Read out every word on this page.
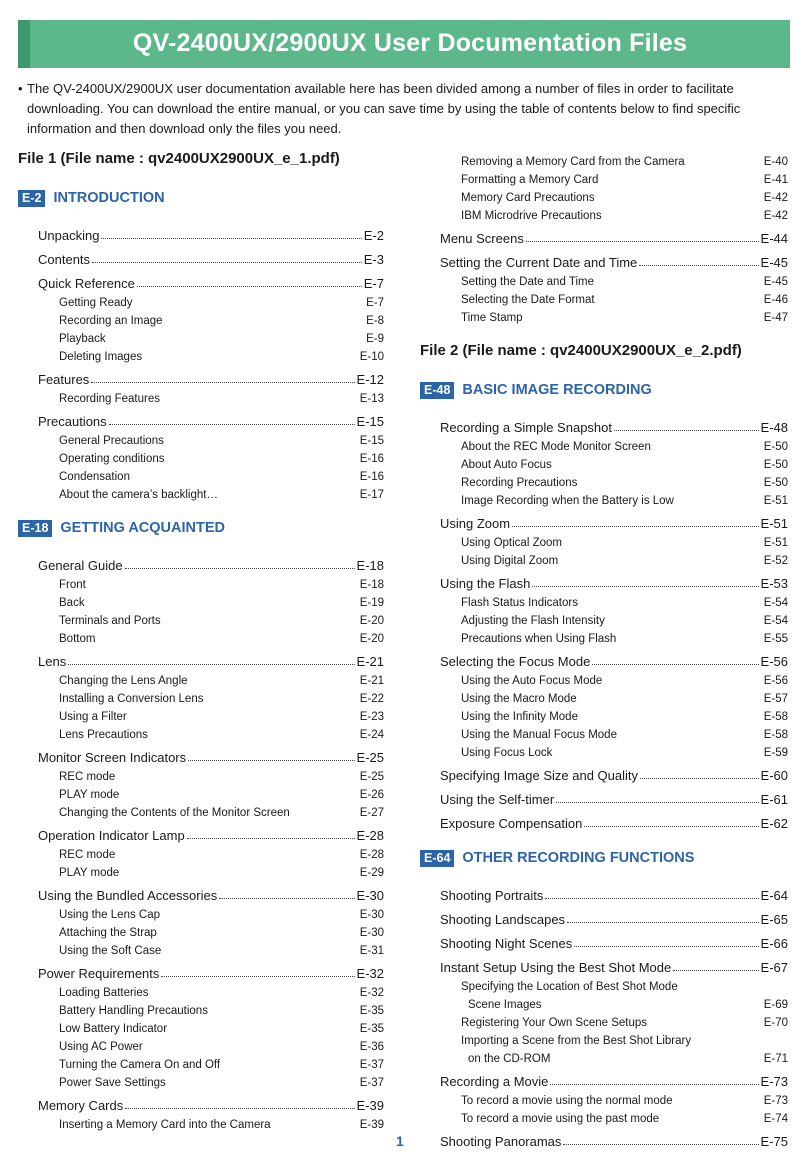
QV-2400UX/2900UX User Documentation Files
• The QV-2400UX/2900UX user documentation available here has been divided among a number of files in order to facilitate downloading. You can download the entire manual, or you can save time by using the table of contents below to find specific information and then download only the files you need.

File 1 (File name : qv2400UX2900UX_e_1.pdf)
E-2 INTRODUCTION
Unpacking	E-2
Contents	E-3
Quick Reference	E-7
Getting Ready	E-7
Recording an Image	E-8
Playback	E-9
Deleting Images	E-10
Features	E-12
Recording Features	E-13
Precautions	E-15
General Precautions	E-15
Operating conditions	E-16
Condensation	E-16
About the camera’s backlight…	E-17
E-18 GETTING ACQUAINTED
General Guide	E-18
Front	E-18
Back	E-19
Terminals and Ports	E-20
Bottom	E-20
Lens	E-21
Changing the Lens Angle	E-21
Installing a Conversion Lens	E-22
Using a Filter	E-23
Lens Precautions	E-24
Monitor Screen Indicators	E-25
REC mode	E-25
PLAY mode	E-26
Changing the Contents of the Monitor Screen	E-27
Operation Indicator Lamp	E-28
REC mode	E-28
PLAY mode	E-29
Using the Bundled Accessories	E-30
Using the Lens Cap	E-30
Attaching the Strap	E-30
Using the Soft Case	E-31
Power Requirements	E-32
Loading Batteries	E-32
Battery Handling Precautions	E-35
Low Battery Indicator	E-35
Using AC Power	E-36
Turning the Camera On and Off	E-37
Power Save Settings	E-37
Memory Cards	E-39
Inserting a Memory Card into the Camera	E-39
Removing a Memory Card from the Camera	E-40
Formatting a Memory Card	E-41
Memory Card Precautions	E-42
IBM Microdrive Precautions	E-42
Menu Screens	E-44
Setting the Current Date and Time	E-45
Setting the Date and Time	E-45
Selecting the Date Format	E-46
Time Stamp	E-47
File 2 (File name : qv2400UX2900UX_e_2.pdf)
E-48 BASIC IMAGE RECORDING
Recording a Simple Snapshot	E-48
About the REC Mode Monitor Screen	E-50
About Auto Focus	E-50
Recording Precautions	E-50
Image Recording when the Battery is Low	E-51
Using Zoom	E-51
Using Optical Zoom	E-51
Using Digital Zoom	E-52
Using the Flash	E-53
Flash Status Indicators	E-54
Adjusting the Flash Intensity	E-54
Precautions when Using Flash	E-55
Selecting the Focus Mode	E-56
Using the Auto Focus Mode	E-56
Using the Macro Mode	E-57
Using the Infinity Mode	E-58
Using the Manual Focus Mode	E-58
Using Focus Lock	E-59
Specifying Image Size and Quality	E-60
Using the Self-timer	E-61
Exposure Compensation	E-62
E-64 OTHER RECORDING FUNCTIONS
Shooting Portraits	E-64
Shooting Landscapes	E-65
Shooting Night Scenes	E-66
Instant Setup Using the Best Shot Mode	E-67
Specifying the Location of Best Shot Mode
Scene Images	E-69
Registering Your Own Scene Setups	E-70
Importing a Scene from the Best Shot Library
on the CD-ROM	E-71
Recording a Movie	E-73
To record a movie using the normal mode	E-73
To record a movie using the past mode	E-74
Shooting Panoramas	E-75
1
